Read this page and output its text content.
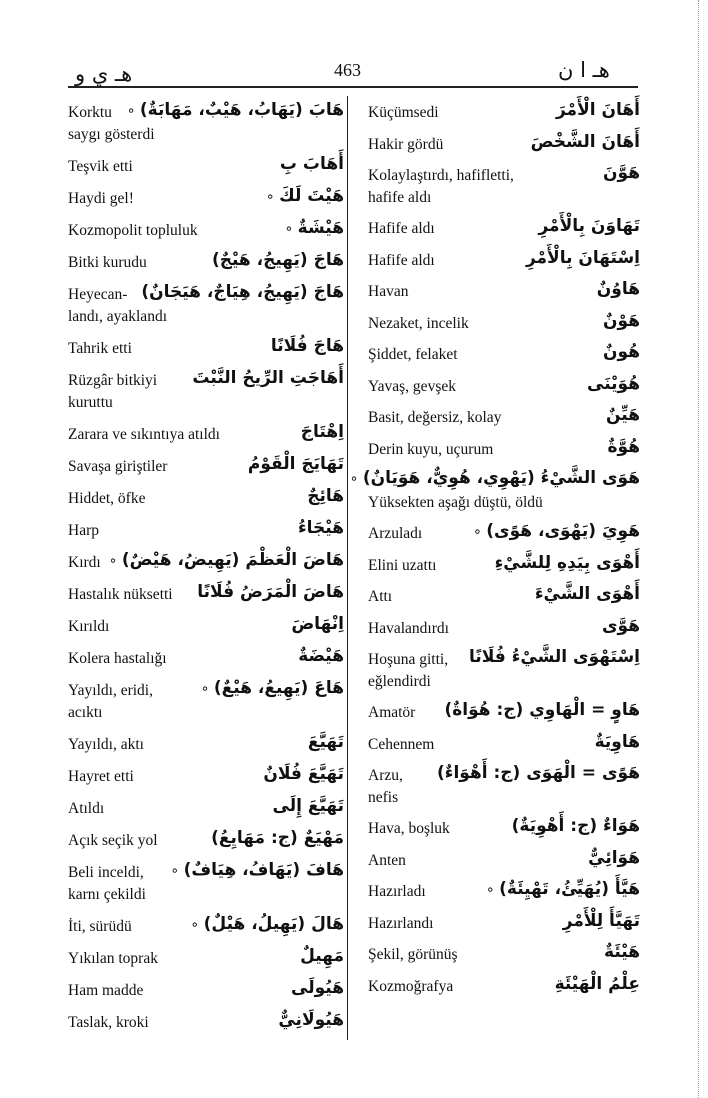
هـ ي و	463	هـ ا ن
Korktu	هَابَ (يَهَابُ، هَيْبٌ، مَهَابَةٌ) ∘
saygı gösterdi
Teşvik etti	أَهَابَ بِ
Haydi gel!	هَيْتَ لَكَ ∘
Kozmopolit topluluk	هَيْشَةٌ ∘
Bitki kurudu	هَاجَ (يَهِيجُ، هَيْجٌ)
Heyecan- هَاجَ (يَهِيجُ، هِيَاجٌ، هَيَجَانٌ)
landı, ayaklandı
Tahrik etti	هَاجَ فُلَانًا
Rüzgâr bitkiyi أَهَاجَتِ الرِّيحُ النَّبْتَ
kuruttu
Zarara ve sıkıntıya atıldı	اِهْتَاجَ
Savaşa giriştiler	تَهَايَجَ الْقَوْمُ
Hiddet, öfke	هَائِجٌ
Harp	هَيْجَاءُ
Kırdı	هَاضَ الْعَظْمَ (يَهِيضُ، هَيْضٌ) ∘
Hastalık nüksetti هَاضَ الْمَرَضُ فُلَانًا
Kırıldı	اِنْهَاضَ
Kolera hastalığı	هَيْضَةٌ
Yayıldı, eridi,	هَاعَ (يَهِيعُ، هَيْعٌ) ∘
acıktı
Yayıldı, aktı	تَهَيَّعَ
Hayret etti	تَهَيَّعَ فُلَانٌ
Atıldı	تَهَيَّعَ إِلَى
Açık seçik yol	مَهْيَعٌ (ج: مَهَايِعُ)
Beli inceldi,	هَافَ (يَهَافُ، هِيَافٌ) ∘
karnı çekildi
İti, sürüdü	هَالَ (يَهِيلُ، هَيْلٌ) ∘
Yıkılan toprak	مَهِيلٌ
Ham madde	هَيُولَى
Taslak, kroki	هَيُولَانِيٌّ
Küçümsedi	أَهَانَ الْأَمْرَ
Hakir gördü	أَهَانَ الشَّخْصَ
Kolaylaştırdı, hafifletti,	هَوَّنَ
hafife aldı
Hafife aldı	تَهَاوَنَ بِالْأَمْرِ
Hafife aldı	اِسْتَهَانَ بِالْأَمْرِ
Havan	هَاوُنٌ
Nezaket, incelik	هَوْنٌ
Şiddet, felaket	هُونٌ
Yavaş, gevşek	هُوَيْنَى
Basit, değersiz, kolay	هَيِّنٌ
Derin kuyu, uçurum	هُوَّةٌ
هَوَى الشَّيْءُ (يَهْوِي، هُوِيٌّ، هَوَيَانٌ) ∘
Yüksekten aşağı düştü, öldü
Arzuladı	هَوِيَ (يَهْوَى، هَوًى) ∘
Elini uzattı	أَهْوَى بِيَدِهِ لِلشَّيْءِ
Attı	أَهْوَى الشَّيْءَ
Havalandırdı	هَوَّى
Hoşuna gitti, اِسْتَهْوَى الشَّيْءُ فُلَانًا
eğlendirdi
Amatör هَاوٍ = الْهَاوِي (ج: هُوَاةٌ)
Cehennem	هَاوِيَةٌ
Arzu, هَوًى = الْهَوَى (ج: أَهْوَاءٌ)
nefis
Hava, boşluk	هَوَاءٌ (ج: أَهْوِيَةٌ)
Anten	هَوَائِيٌّ
Hazırladı	هَيَّأَ (يُهَيِّئُ، تَهْيِئَةٌ) ∘
Hazırlandı	تَهَيَّأَ لِلْأَمْرِ
Şekil, görünüş	هَيْئَةٌ
Kozmoğrafya	عِلْمُ الْهَيْئَةِ
